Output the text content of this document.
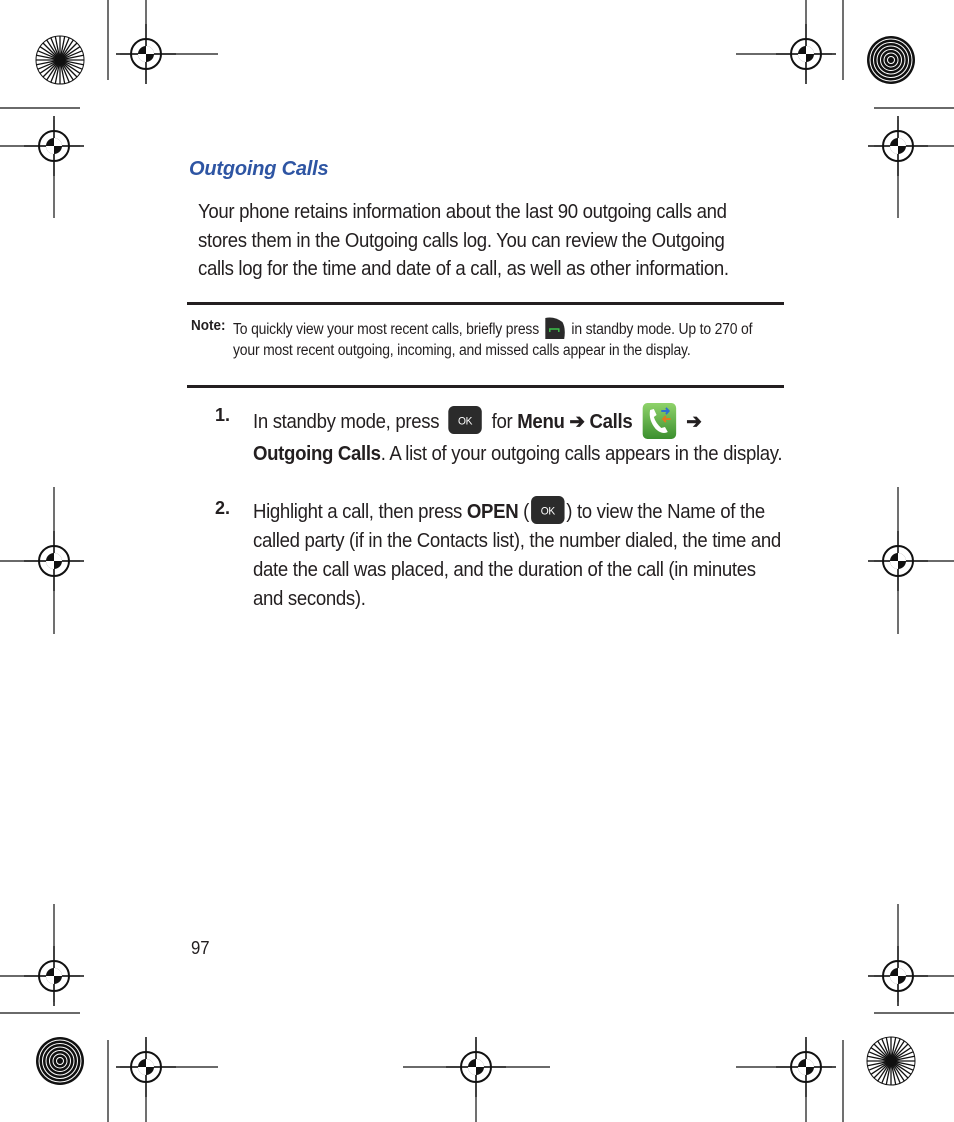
Outgoing Calls

Your phone retains information about the last 90 outgoing calls and stores them in the Outgoing calls log. You can review the Outgoing calls log for the time and date of a call, as well as other information.

Note: To quickly view your most recent calls, briefly press in standby mode. Up to 270 of your most recent outgoing, incoming, and missed calls appear in the display.

1. In standby mode, press OK for Menu ➔ Calls	➔
Outgoing Calls. A list of your outgoing calls appears in the display.

2. Highlight a call, then press OPEN ( OK ) to view the Name of the called party (if in the Contacts list), the number dialed, the time and date the call was placed, and the duration of the call (in minutes and seconds).

97
